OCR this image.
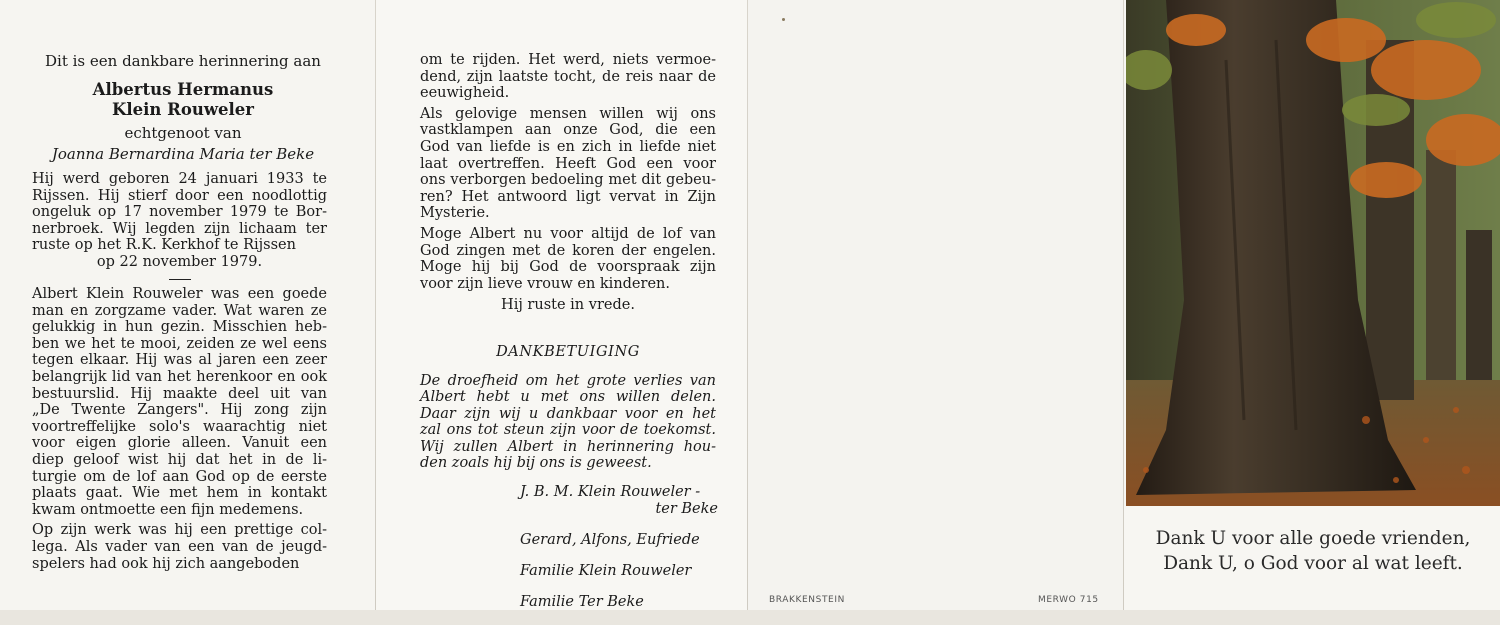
Dit is een dankbare herinnering aan
Albertus Hermanus
Klein Rouweler
echtgenoot van
Joanna Bernardina Maria ter Beke

Hij werd geboren 24 januari 1933 te

Rijssen. Hij stierf door een noodlottig

ongeluk op 17 november 1979 te Bor-

nerbroek. Wij legden zijn lichaam ter

ruste op het R.K. Kerkhof te Rijssen

op 22 november 1979.

Albert Klein Rouweler was een goede

man en zorgzame vader. Wat waren ze

gelukkig in hun gezin. Misschien heb-

ben we het te mooi, zeiden ze wel eens

tegen elkaar. Hij was al jaren een zeer

belangrijk lid van het herenkoor en ook

bestuurslid. Hij maakte deel uit van

„De Twente Zangers". Hij zong zijn

voortreffelijke solo's waarachtig niet

voor eigen glorie alleen. Vanuit een

diep geloof wist hij dat het in de li-

turgie om de lof aan God op de eerste

plaats gaat. Wie met hem in kontakt

kwam ontmoette een fijn medemens.

Op zijn werk was hij een prettige col-

lega. Als vader van een van de jeugd-

spelers had ook hij zich aangeboden

om te rijden. Het werd, niets vermoe-

dend, zijn laatste tocht, de reis naar de

eeuwigheid.

Als gelovige mensen willen wij ons

vastklampen aan onze God, die een

God van liefde is en zich in liefde niet

laat overtreffen. Heeft God een voor

ons verborgen bedoeling met dit gebeu-

ren? Het antwoord ligt vervat in Zijn

Mysterie.

Moge Albert nu voor altijd de lof van

God zingen met de koren der engelen.

Moge hij bij God de voorspraak zijn

voor zijn lieve vrouw en kinderen.

Hij ruste in vrede.

DANKBETUIGING

De droefheid om het grote verlies van

Albert hebt u met ons willen delen.

Daar zijn wij u dankbaar voor en het

zal ons tot steun zijn voor de toekomst.

Wij zullen Albert in herinnering hou-

den zoals hij bij ons is geweest.

J. B. M. Klein Rouweler -
ter Beke

Gerard, Alfons, Eufriede

Familie Klein Rouweler

Familie Ter Beke	BRAKKENSTEIN	MERWO 715
Dank U voor alle goede vrienden,
Dank U, o God voor al wat leeft.
